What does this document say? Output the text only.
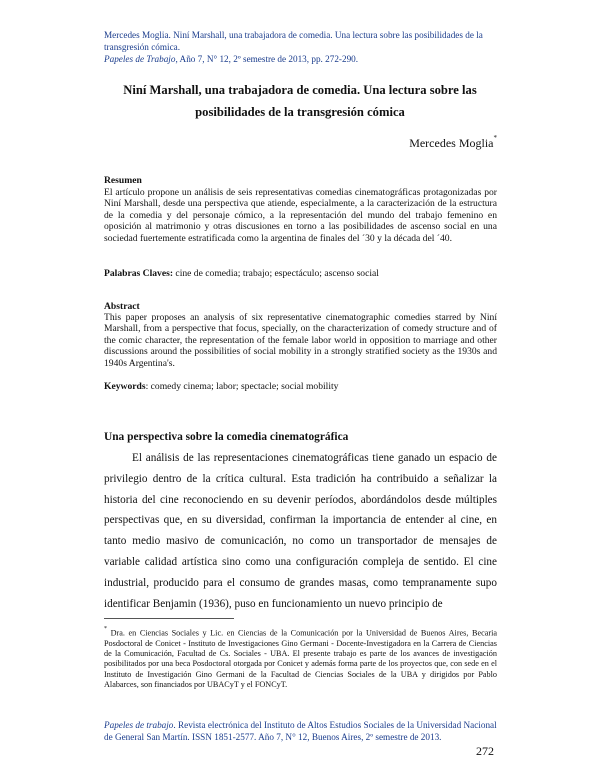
Mercedes Moglia. Niní Marshall, una trabajadora de comedia. Una lectura sobre las posibilidades de la transgresión cómica.
Papeles de Trabajo, Año 7, N° 12, 2º semestre de 2013, pp. 272-290.
Niní Marshall, una trabajadora de comedia. Una lectura sobre las posibilidades de la transgresión cómica
Mercedes Moglia*
Resumen
El artículo propone un análisis de seis representativas comedias cinematográficas protagonizadas por Niní Marshall, desde una perspectiva que atiende, especialmente, a la caracterización de la estructura de la comedia y del personaje cómico, a la representación del mundo del trabajo femenino en oposición al matrimonio y otras discusiones en torno a las posibilidades de ascenso social en una sociedad fuertemente estratificada como la argentina de finales del ´30 y la década del ´40.
Palabras Claves: cine de comedia; trabajo; espectáculo; ascenso social
Abstract
This paper proposes an analysis of six representative cinematographic comedies starred by Niní Marshall, from a perspective that focus, specially, on the characterization of comedy structure and of the comic character, the representation of the female labor world in opposition to marriage and other discussions around the possibilities of social mobility in a strongly stratified society as the 1930s and 1940s Argentina's.
Keywords: comedy cinema; labor; spectacle; social mobility
Una perspectiva sobre la comedia cinematográfica
El análisis de las representaciones cinematográficas tiene ganado un espacio de privilegio dentro de la crítica cultural. Esta tradición ha contribuido a señalizar la historia del cine reconociendo en su devenir períodos, abordándolos desde múltiples perspectivas que, en su diversidad, confirman la importancia de entender al cine, en tanto medio masivo de comunicación, no como un transportador de mensajes de variable calidad artística sino como una configuración compleja de sentido. El cine industrial, producido para el consumo de grandes masas, como tempranamente supo identificar Benjamin (1936), puso en funcionamiento un nuevo principio de
* Dra. en Ciencias Sociales y Lic. en Ciencias de la Comunicación por la Universidad de Buenos Aires, Becaria Posdoctoral de Conicet - Instituto de Investigaciones Gino Germani - Docente-Investigadora en la Carrera de Ciencias de la Comunicación, Facultad de Cs. Sociales - UBA. El presente trabajo es parte de los avances de investigación posibilitados por una beca Posdoctoral otorgada por Conicet y además forma parte de los proyectos que, con sede en el Instituto de Investigación Gino Germani de la Facultad de Ciencias Sociales de la UBA y dirigidos por Pablo Alabarces, son financiados por UBACyT y el FONCyT.
Papeles de trabajo. Revista electrónica del Instituto de Altos Estudios Sociales de la Universidad Nacional de General San Martín. ISSN 1851-2577. Año 7, N° 12, Buenos Aires, 2º semestre de 2013.
272
